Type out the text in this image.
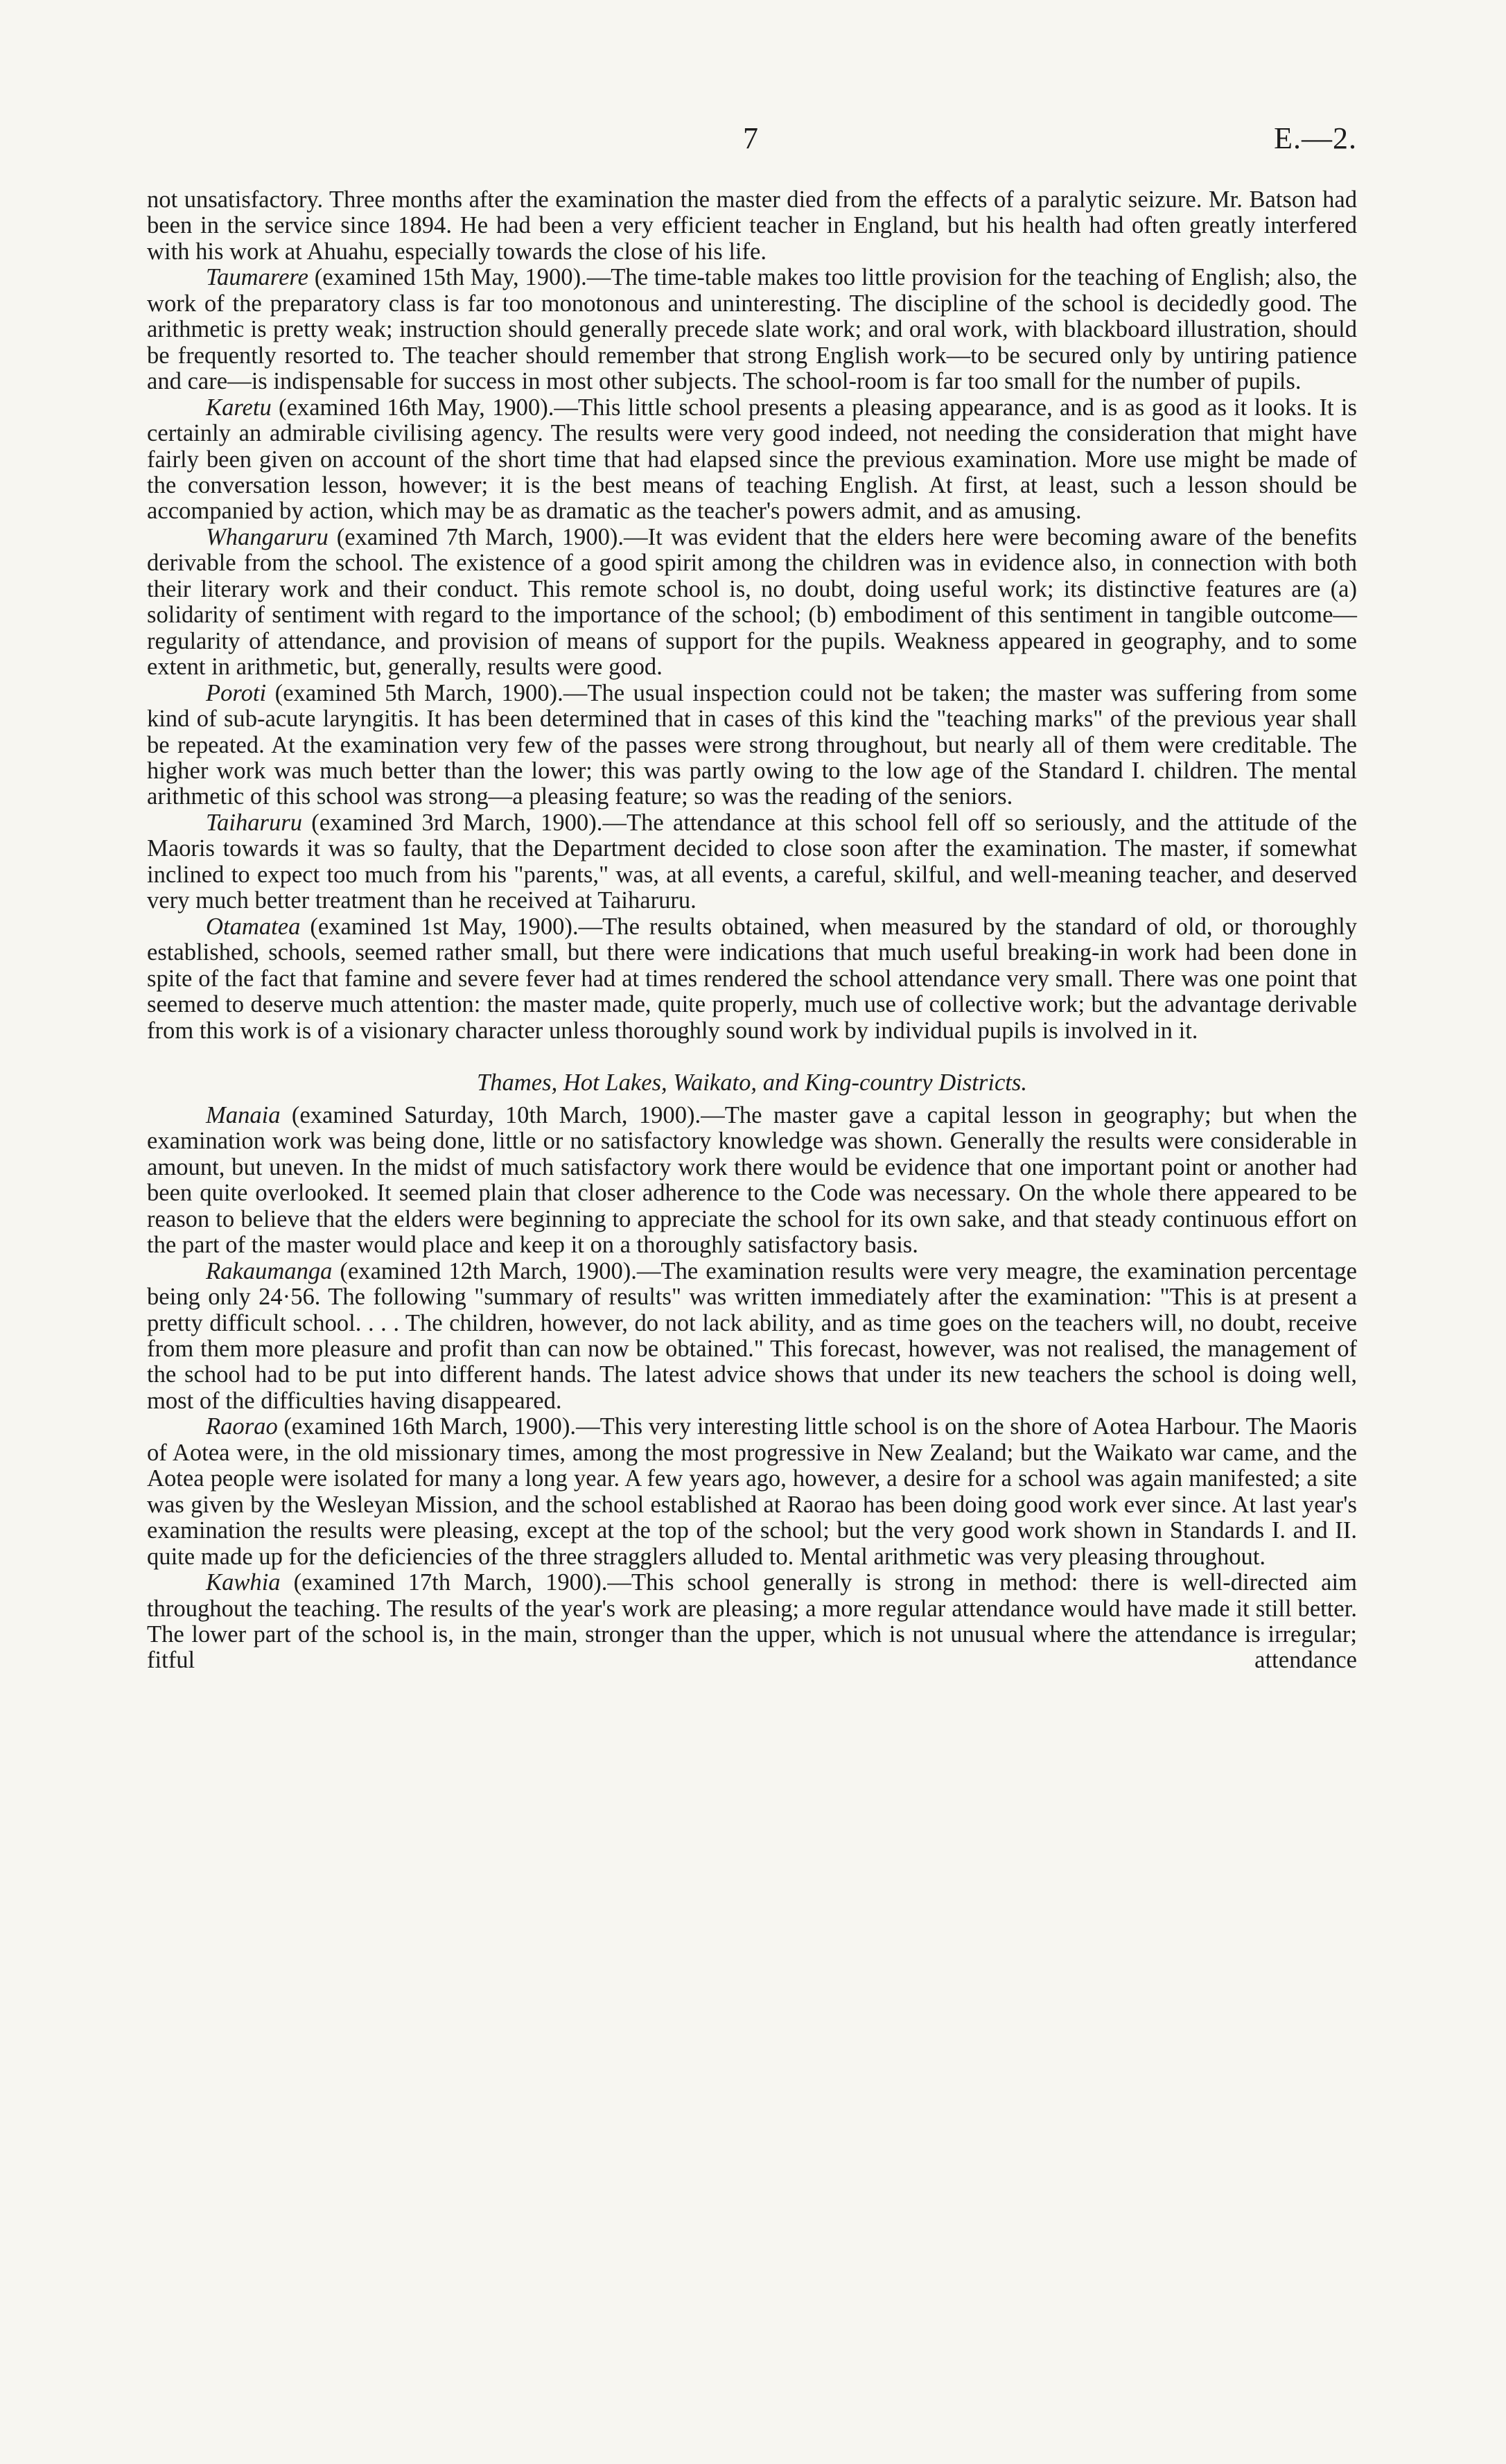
7	E.—2.

not unsatisfactory. Three months after the examination the master died from the effects of a paralytic seizure. Mr. Batson had been in the service since 1894. He had been a very efficient teacher in England, but his health had often greatly interfered with his work at Ahuahu, especially towards the close of his life.

Taumarere (examined 15th May, 1900).—The time-table makes too little provision for the teaching of English; also, the work of the preparatory class is far too monotonous and uninteresting. The discipline of the school is decidedly good. The arithmetic is pretty weak; instruction should generally precede slate work; and oral work, with blackboard illustration, should be frequently resorted to. The teacher should remember that strong English work—to be secured only by untiring patience and care—is indispensable for success in most other subjects. The school-room is far too small for the number of pupils.

Karetu (examined 16th May, 1900).—This little school presents a pleasing appearance, and is as good as it looks. It is certainly an admirable civilising agency. The results were very good indeed, not needing the consideration that might have fairly been given on account of the short time that had elapsed since the previous examination. More use might be made of the conversation lesson, however; it is the best means of teaching English. At first, at least, such a lesson should be accompanied by action, which may be as dramatic as the teacher's powers admit, and as amusing.

Whangaruru (examined 7th March, 1900).—It was evident that the elders here were becoming aware of the benefits derivable from the school. The existence of a good spirit among the children was in evidence also, in connection with both their literary work and their conduct. This remote school is, no doubt, doing useful work; its distinctive features are (a) solidarity of sentiment with regard to the importance of the school; (b) embodiment of this sentiment in tangible outcome—regularity of attendance, and provision of means of support for the pupils. Weakness appeared in geography, and to some extent in arithmetic, but, generally, results were good.

Poroti (examined 5th March, 1900).—The usual inspection could not be taken; the master was suffering from some kind of sub-acute laryngitis. It has been determined that in cases of this kind the "teaching marks" of the previous year shall be repeated. At the examination very few of the passes were strong throughout, but nearly all of them were creditable. The higher work was much better than the lower; this was partly owing to the low age of the Standard I. children. The mental arithmetic of this school was strong—a pleasing feature; so was the reading of the seniors.

Taiharuru (examined 3rd March, 1900).—The attendance at this school fell off so seriously, and the attitude of the Maoris towards it was so faulty, that the Department decided to close soon after the examination. The master, if somewhat inclined to expect too much from his "parents," was, at all events, a careful, skilful, and well-meaning teacher, and deserved very much better treatment than he received at Taiharuru.

Otamatea (examined 1st May, 1900).—The results obtained, when measured by the standard of old, or thoroughly established, schools, seemed rather small, but there were indications that much useful breaking-in work had been done in spite of the fact that famine and severe fever had at times rendered the school attendance very small. There was one point that seemed to deserve much attention: the master made, quite properly, much use of collective work; but the advantage derivable from this work is of a visionary character unless thoroughly sound work by individual pupils is involved in it.

Thames, Hot Lakes, Waikato, and King-country Districts.

Manaia (examined Saturday, 10th March, 1900).—The master gave a capital lesson in geography; but when the examination work was being done, little or no satisfactory knowledge was shown. Generally the results were considerable in amount, but uneven. In the midst of much satisfactory work there would be evidence that one important point or another had been quite overlooked. It seemed plain that closer adherence to the Code was necessary. On the whole there appeared to be reason to believe that the elders were beginning to appreciate the school for its own sake, and that steady continuous effort on the part of the master would place and keep it on a thoroughly satisfactory basis.

Rakaumanga (examined 12th March, 1900).—The examination results were very meagre, the examination percentage being only 24·56. The following "summary of results" was written immediately after the examination: "This is at present a pretty difficult school. . . . The children, however, do not lack ability, and as time goes on the teachers will, no doubt, receive from them more pleasure and profit than can now be obtained." This forecast, however, was not realised, the management of the school had to be put into different hands. The latest advice shows that under its new teachers the school is doing well, most of the difficulties having disappeared.

Raorao (examined 16th March, 1900).—This very interesting little school is on the shore of Aotea Harbour. The Maoris of Aotea were, in the old missionary times, among the most progressive in New Zealand; but the Waikato war came, and the Aotea people were isolated for many a long year. A few years ago, however, a desire for a school was again manifested; a site was given by the Wesleyan Mission, and the school established at Raorao has been doing good work ever since. At last year's examination the results were pleasing, except at the top of the school; but the very good work shown in Standards I. and II. quite made up for the deficiencies of the three stragglers alluded to. Mental arithmetic was very pleasing throughout.

Kawhia (examined 17th March, 1900).—This school generally is strong in method: there is well-directed aim throughout the teaching. The results of the year's work are pleasing; a more regular attendance would have made it still better. The lower part of the school is, in the main, stronger than the upper, which is not unusual where the attendance is irregular; fitful attendance
